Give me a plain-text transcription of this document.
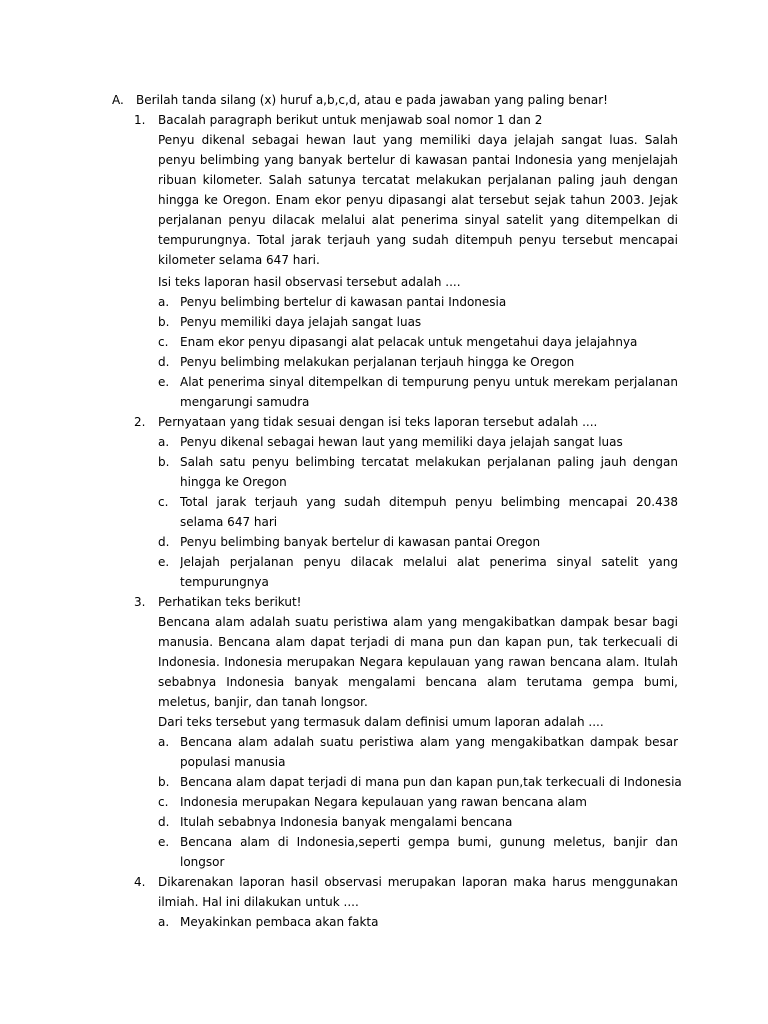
A. Berilah tanda silang (x) huruf a,b,c,d, atau e pada jawaban yang paling benar!
1. Bacalah paragraph berikut untuk menjawab soal nomor 1 dan 2
Penyu dikenal sebagai hewan laut yang memiliki daya jelajah sangat luas. Salah
penyu belimbing yang banyak bertelur di kawasan pantai Indonesia yang menjelajah
ribuan kilometer. Salah satunya tercatat melakukan perjalanan paling jauh dengan
hingga ke Oregon. Enam ekor penyu dipasangi alat tersebut sejak tahun 2003. Jejak
perjalanan penyu dilacak melalui alat penerima sinyal satelit yang ditempelkan di
tempurungnya. Total jarak terjauh yang sudah ditempuh penyu tersebut mencapai
kilometer selama 647 hari.
Isi teks laporan hasil observasi tersebut adalah ....
a. Penyu belimbing bertelur di kawasan pantai Indonesia
b. Penyu memiliki daya jelajah sangat luas
c. Enam ekor penyu dipasangi alat pelacak untuk mengetahui daya jelajahnya
d. Penyu belimbing melakukan perjalanan terjauh hingga ke Oregon
e. Alat penerima sinyal ditempelkan di tempurung penyu untuk merekam perjalanan
mengarungi samudra
2. Pernyataan yang tidak sesuai dengan isi teks laporan tersebut adalah ....
a. Penyu dikenal sebagai hewan laut yang memiliki daya jelajah sangat luas
b. Salah satu penyu belimbing tercatat melakukan perjalanan paling jauh dengan
hingga ke Oregon
c. Total jarak terjauh yang sudah ditempuh penyu belimbing mencapai 20.438
selama 647 hari
d. Penyu belimbing banyak bertelur di kawasan pantai Oregon
e. Jelajah perjalanan penyu dilacak melalui alat penerima sinyal satelit yang
tempurungnya
3. Perhatikan teks berikut!
Bencana alam adalah suatu peristiwa alam yang mengakibatkan dampak besar bagi
manusia. Bencana alam dapat terjadi di mana pun dan kapan pun, tak terkecuali di
Indonesia. Indonesia merupakan Negara kepulauan yang rawan bencana alam. Itulah
sebabnya Indonesia banyak mengalami bencana alam terutama gempa bumi,
meletus, banjir, dan tanah longsor.
Dari teks tersebut yang termasuk dalam definisi umum laporan adalah ....
a. Bencana alam adalah suatu peristiwa alam yang mengakibatkan dampak besar
populasi manusia
b. Bencana alam dapat terjadi di mana pun dan kapan pun,tak terkecuali di Indonesia
c. Indonesia merupakan Negara kepulauan yang rawan bencana alam
d. Itulah sebabnya Indonesia banyak mengalami bencana
e. Bencana alam di Indonesia,seperti gempa bumi, gunung meletus, banjir dan
longsor
4. Dikarenakan laporan hasil observasi merupakan laporan maka harus menggunakan
ilmiah. Hal ini dilakukan untuk ....
a. Meyakinkan pembaca akan fakta
